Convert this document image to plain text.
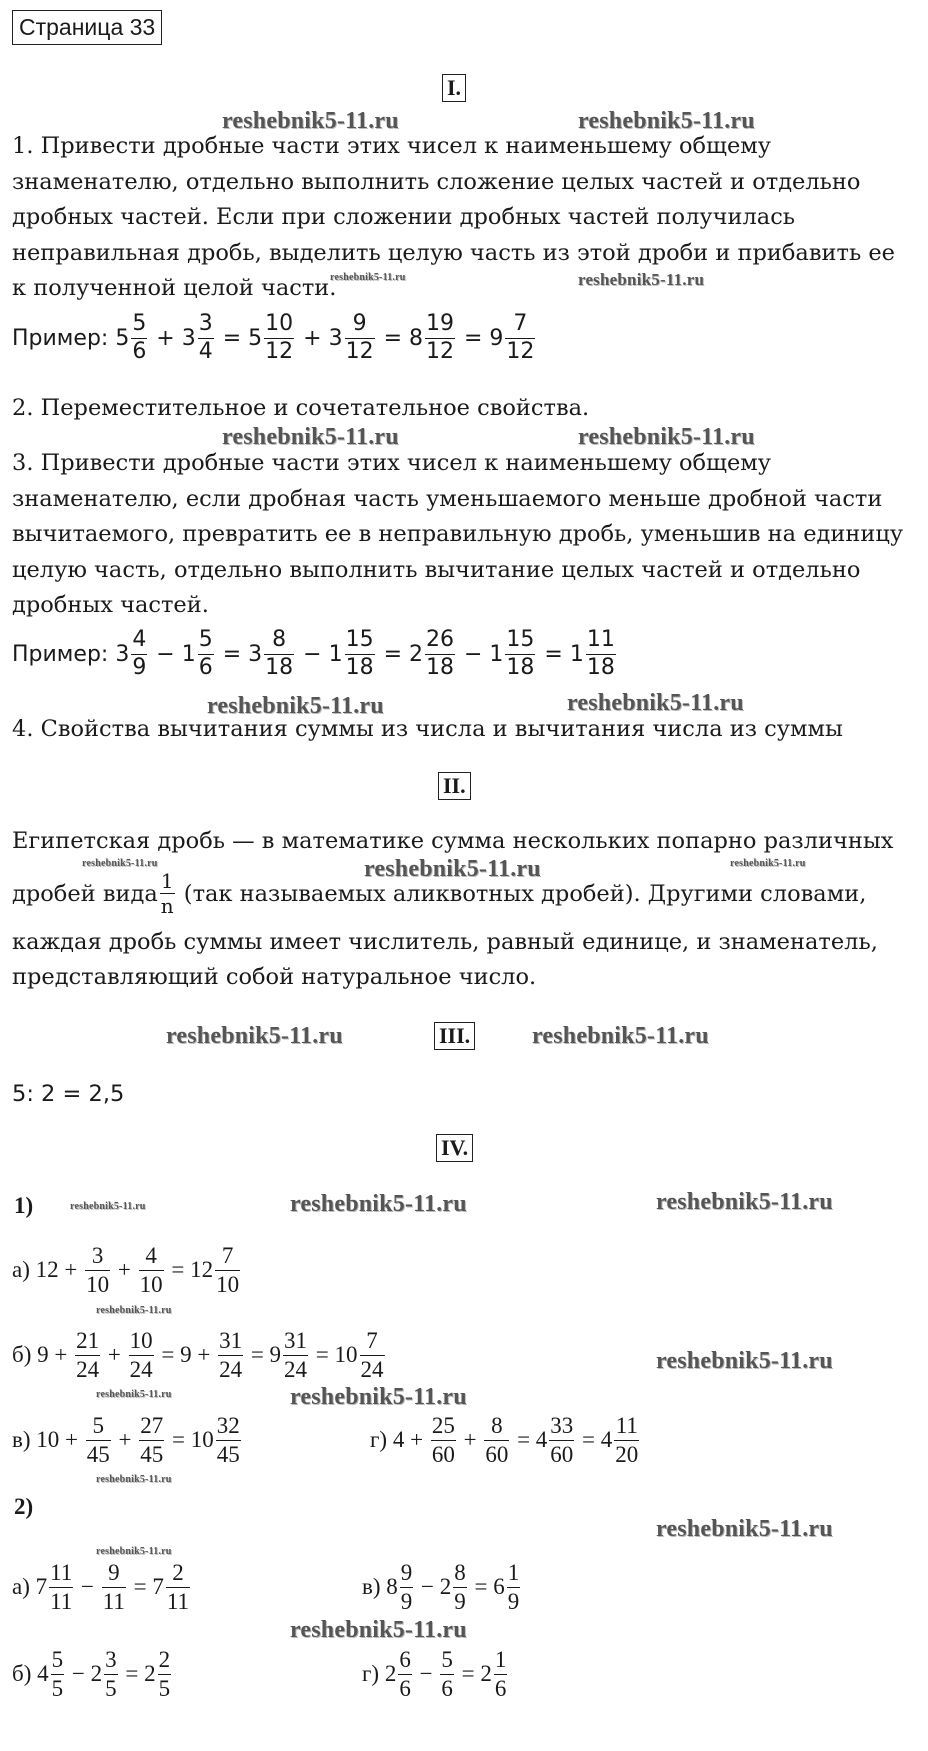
Страница 33
I.
reshebnik5-11.ru	reshebnik5-11.ru
1. Привести дробные части этих чисел к наименьшему общему знаменателю, отдельно выполнить сложение целых частей и отдельно дробных частей. Если при сложении дробных частей получилась неправильная дробь, выделить целую часть из этой дроби и прибавить ее к полученной целой части.
reshebnik5-11.ru	reshebnik5-11.ru
Пример: $5 \frac{5}{6} + 3 \frac{3}{4} = 5 \frac{10}{12} + 3 \frac{9}{12} = 8 \frac{19}{12} = 9 \frac{7}{12}$
2. Переместительное и сочетательное свойства.
reshebnik5-11.ru	reshebnik5-11.ru
3. Привести дробные части этих чисел к наименьшему общему знаменателю, если дробная часть уменьшаемого меньше дробной части вычитаемого, превратить ее в неправильную дробь, уменьшив на единицу целую часть, отдельно выполнить вычитание целых частей и отдельно дробных частей.
Пример: $3 \frac{4}{9} - 1 \frac{5}{6} = 3 \frac{8}{18} - 1 \frac{15}{18} = 2 \frac{26}{18} - 1 \frac{15}{18} = 1 \frac{11}{18}$
reshebnik5-11.ru	reshebnik5-11.ru
4. Свойства вычитания суммы из числа и вычитания числа из суммы
II.
Египетская дробь — в математике сумма нескольких попарно различных
reshebnik5-11.ru	reshebnik5-11.ru	reshebnik5-11.ru
дробей вида $\frac{1}{n} (так$ называемых аликвотных дробей). Другими словами,
каждая дробь суммы имеет числитель, равный единице, и знаменатель,
представляющий собой натуральное число.
reshebnik5-11.ru	III.	reshebnik5-11.ru
5: 2 = 2,5
IV.
1)	reshebnik5-11.ru	reshebnik5-11.ru	reshebnik5-11.ru
а) $12 + \frac{3}{10} + \frac{4}{10} = 12 \frac{7}{10}$
reshebnik5-11.ru
б) $9 + \frac{21}{24} + \frac{10}{24} = 9 + \frac{31}{24} = 9 \frac{31}{24} = 10 \frac{7}{24}$	reshebnik5-11.ru
reshebnik5-11.ru	reshebnik5-11.ru
в) $10 + \frac{5}{45} + \frac{27}{45} = 10 \frac{32}{45}$	г) $4 + \frac{25}{60} + \frac{8}{60} = 4 \frac{33}{60} = 4 \frac{11}{20}$
reshebnik5-11.ru
2)
reshebnik5-11.ru
reshebnik5-11.ru
а) $7 \frac{11}{11} - \frac{9}{11} = 7 \frac{2}{11}$	в) $8 \frac{9}{9} - 2 \frac{8}{9} = 6 \frac{1}{9}$
reshebnik5-11.ru
б) $4 \frac{5}{5} - 2 \frac{3}{5} = 2 \frac{2}{5}$	г) $2 \frac{6}{6} - \frac{5}{6} = 2 \frac{1}{6}$
